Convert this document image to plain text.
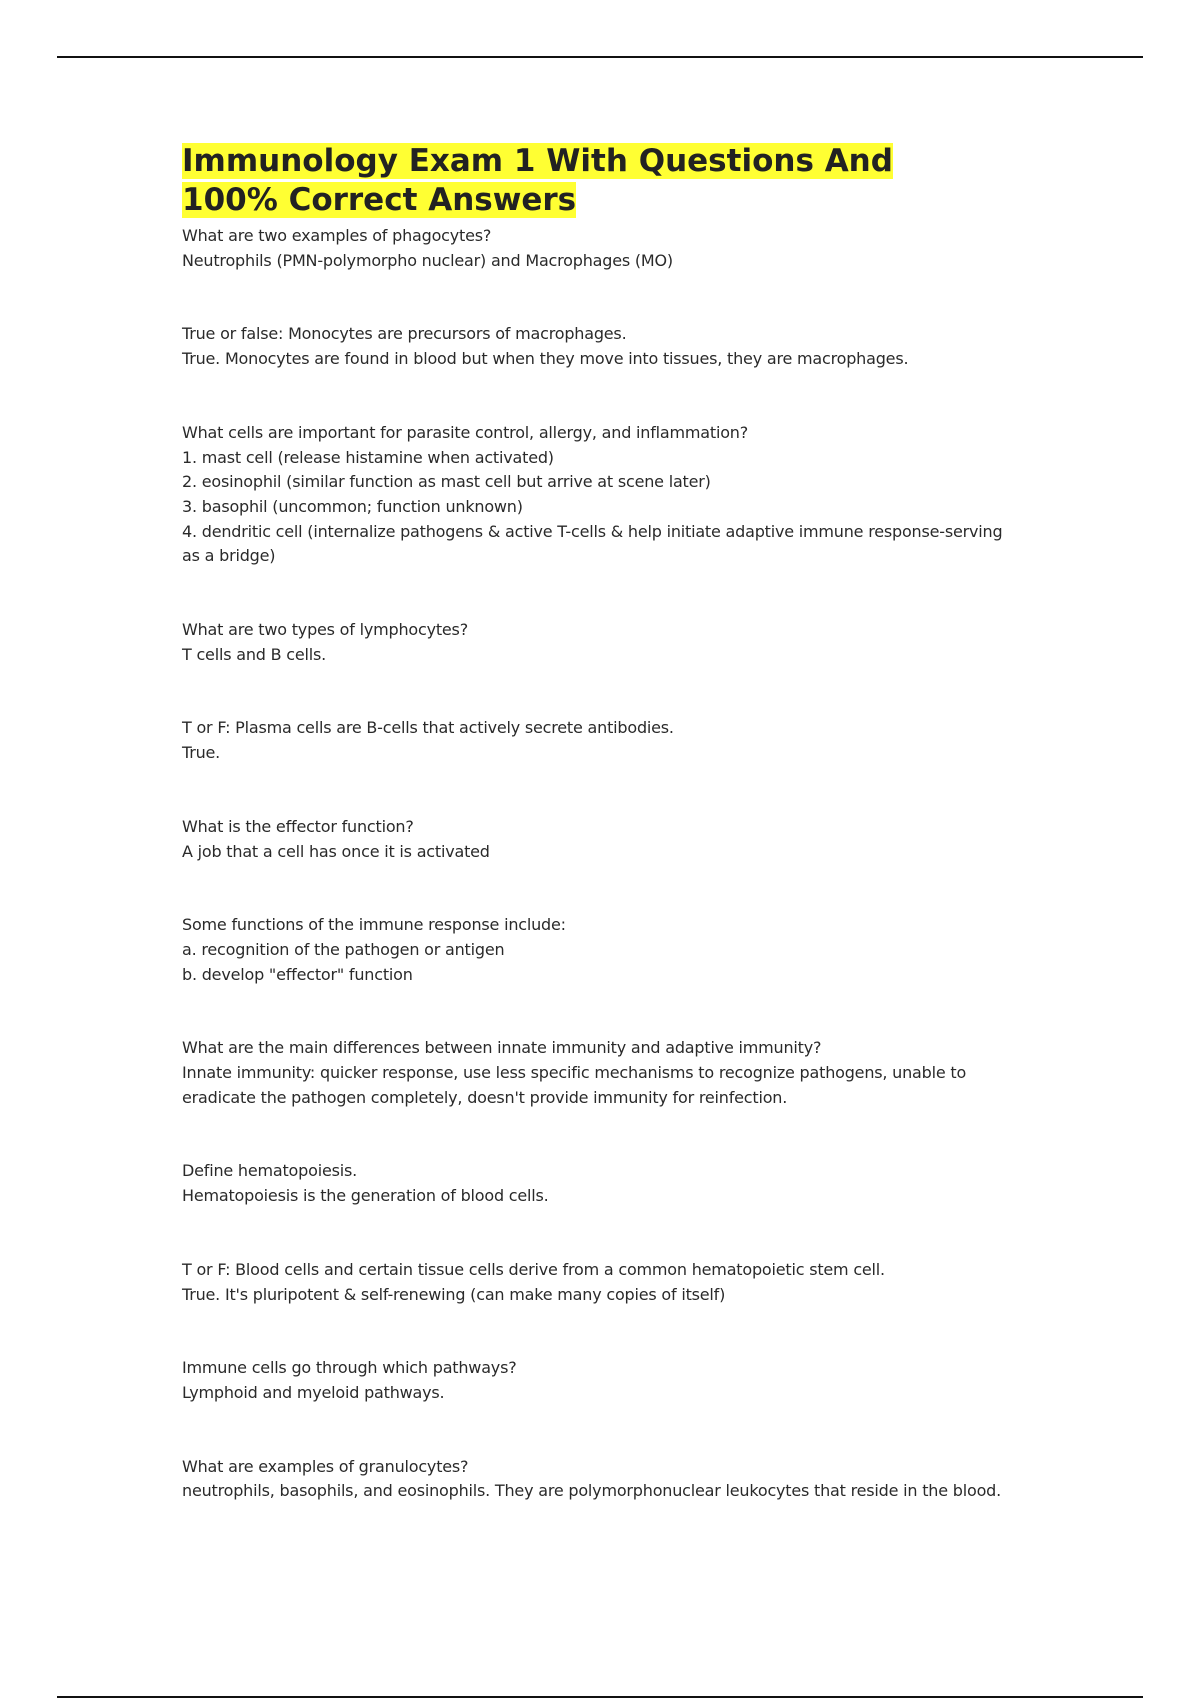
Immunology Exam 1 With Questions And 100% Correct Answers
What are two examples of phagocytes?
Neutrophils (PMN-polymorpho nuclear) and Macrophages (MO)
True or false: Monocytes are precursors of macrophages.
True. Monocytes are found in blood but when they move into tissues, they are macrophages.
What cells are important for parasite control, allergy, and inflammation?
1. mast cell (release histamine when activated)
2. eosinophil (similar function as mast cell but arrive at scene later)
3. basophil (uncommon; function unknown)
4. dendritic cell (internalize pathogens & active T-cells & help initiate adaptive immune response-serving as a bridge)
What are two types of lymphocytes?
T cells and B cells.
T or F: Plasma cells are B-cells that actively secrete antibodies.
True.
What is the effector function?
A job that a cell has once it is activated
Some functions of the immune response include:
a. recognition of the pathogen or antigen
b. develop "effector" function
What are the main differences between innate immunity and adaptive immunity?
Innate immunity: quicker response, use less specific mechanisms to recognize pathogens, unable to eradicate the pathogen completely, doesn't provide immunity for reinfection.
Define hematopoiesis.
Hematopoiesis is the generation of blood cells.
T or F: Blood cells and certain tissue cells derive from a common hematopoietic stem cell.
True. It's pluripotent & self-renewing (can make many copies of itself)
Immune cells go through which pathways?
Lymphoid and myeloid pathways.
What are examples of granulocytes?
neutrophils, basophils, and eosinophils. They are polymorphonuclear leukocytes that reside in the blood.
